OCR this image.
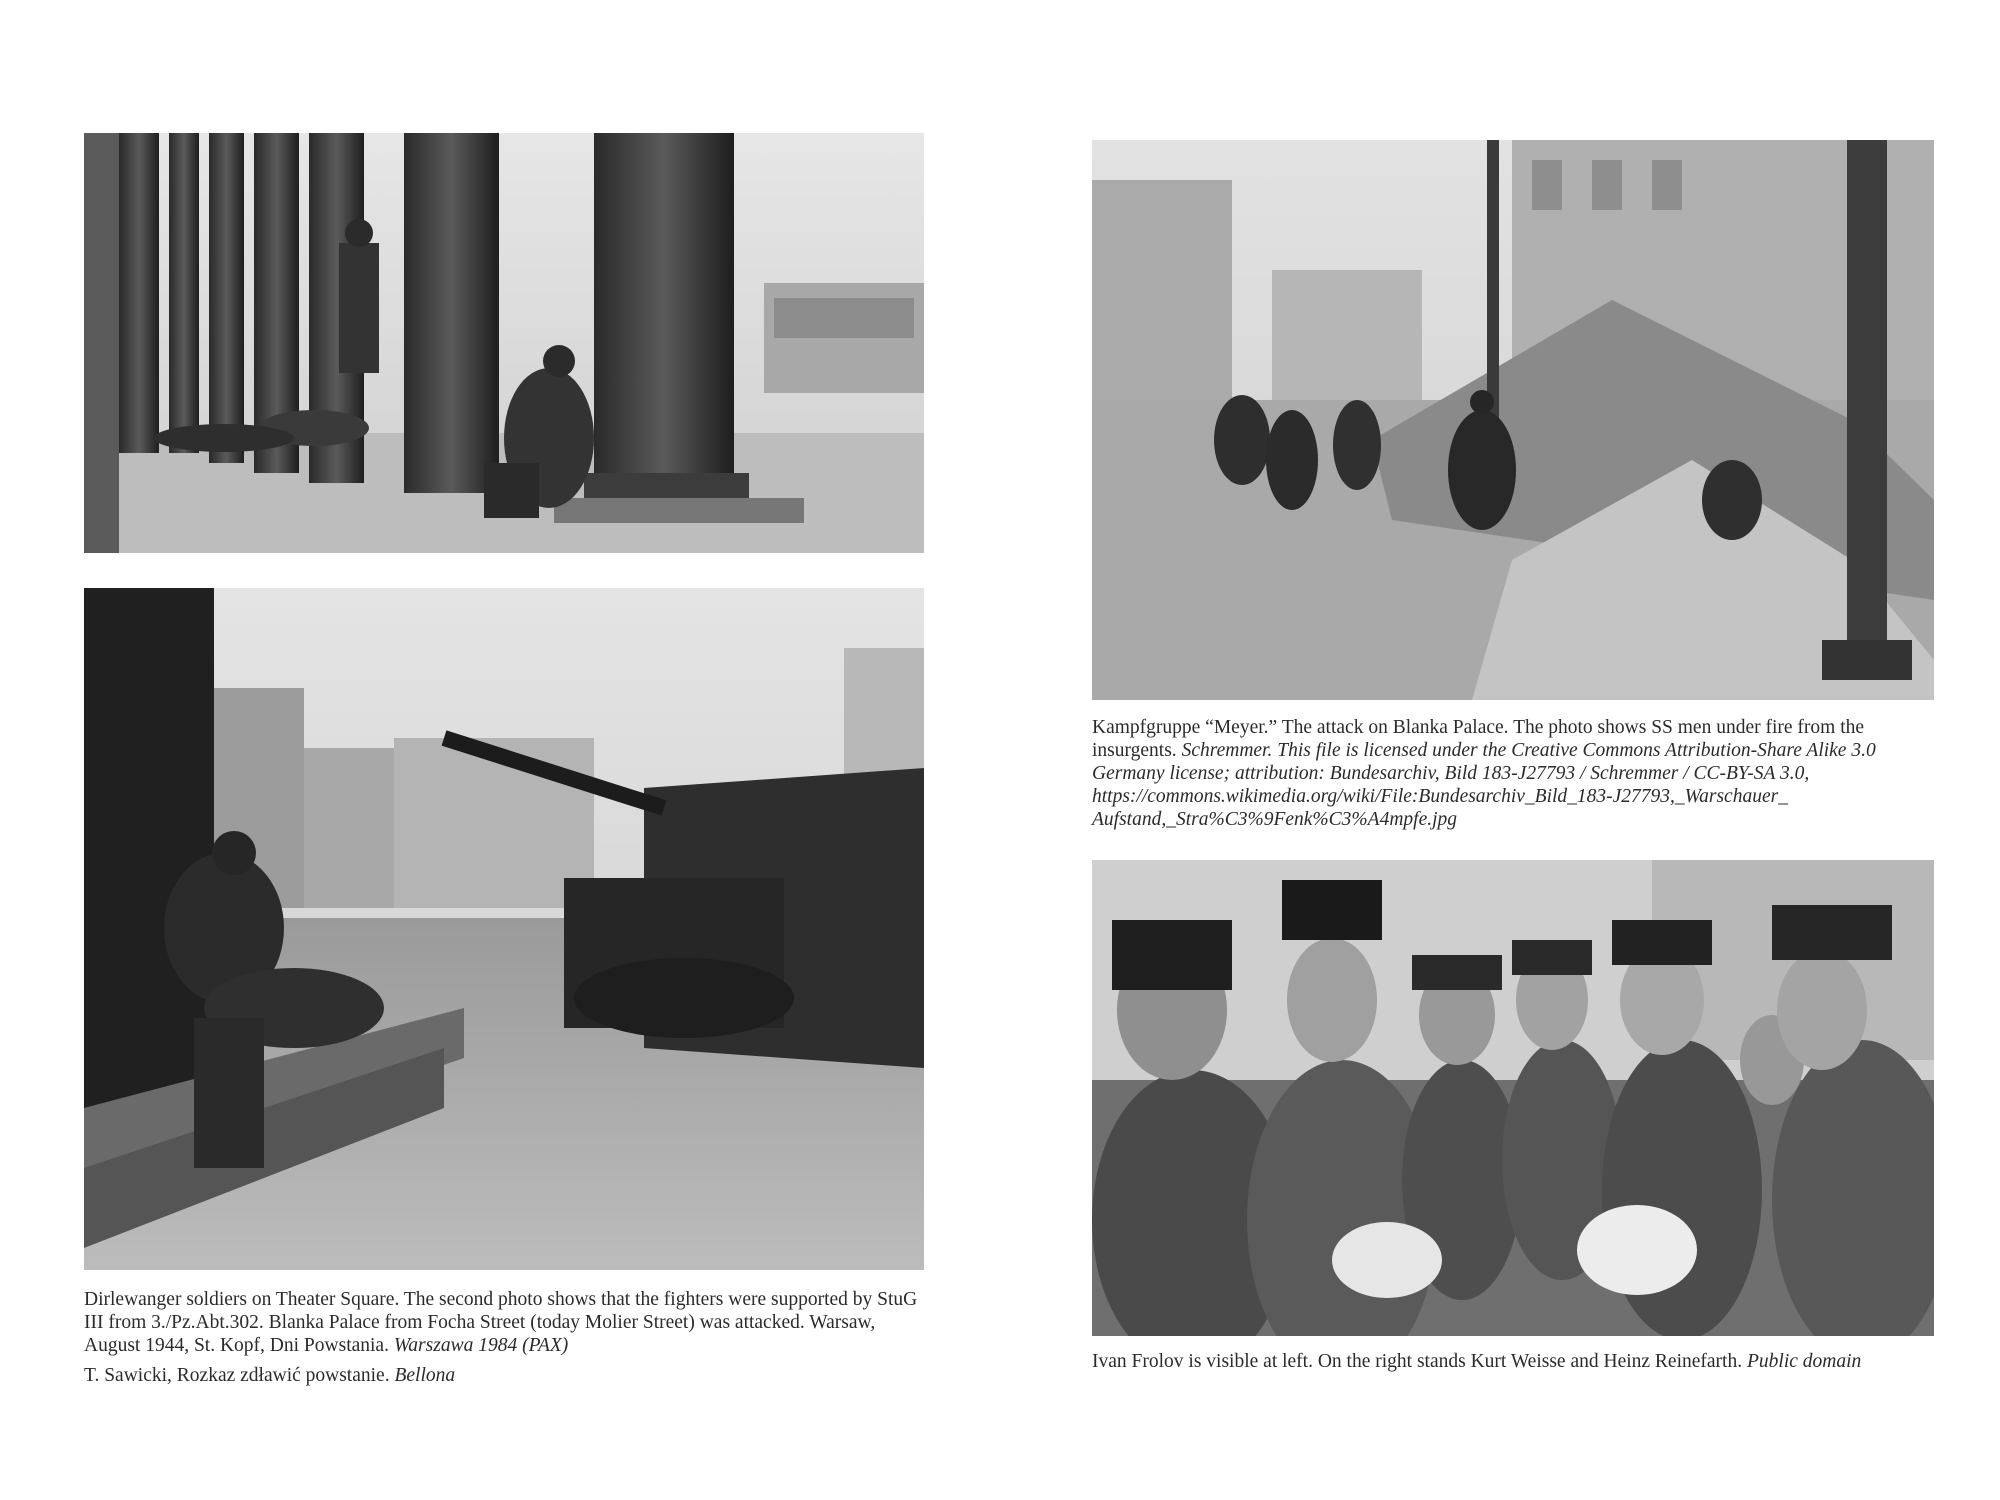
Dirlewanger soldiers on Theater Square. The second photo shows that the fighters were supported by StuG III from 3./Pz.Abt.302. Blanka Palace from Focha Street (today Molier Street) was attacked. Warsaw, August 1944, St. Kopf, Dni Powstania. Warszawa 1984 (PAX)

T. Sawicki, Rozkaz zdławić powstanie. Bellona

Kampfgruppe “Meyer.” The attack on Blanka Palace. The photo shows SS men under fire from the insurgents. Schremmer. This file is licensed under the Creative Commons Attribution-Share Alike 3.0 Germany license; attribution: Bundesarchiv, Bild 183-J27793 / Schremmer / CC-BY-SA 3.0, https://commons.wikimedia.org/wiki/File:Bundesarchiv_Bild_183-J27793,_Warschauer_ Aufstand,_Stra%C3%9Fenk%C3%A4mpfe.jpg

Ivan Frolov is visible at left. On the right stands Kurt Weisse and Heinz Reinefarth. Public domain
